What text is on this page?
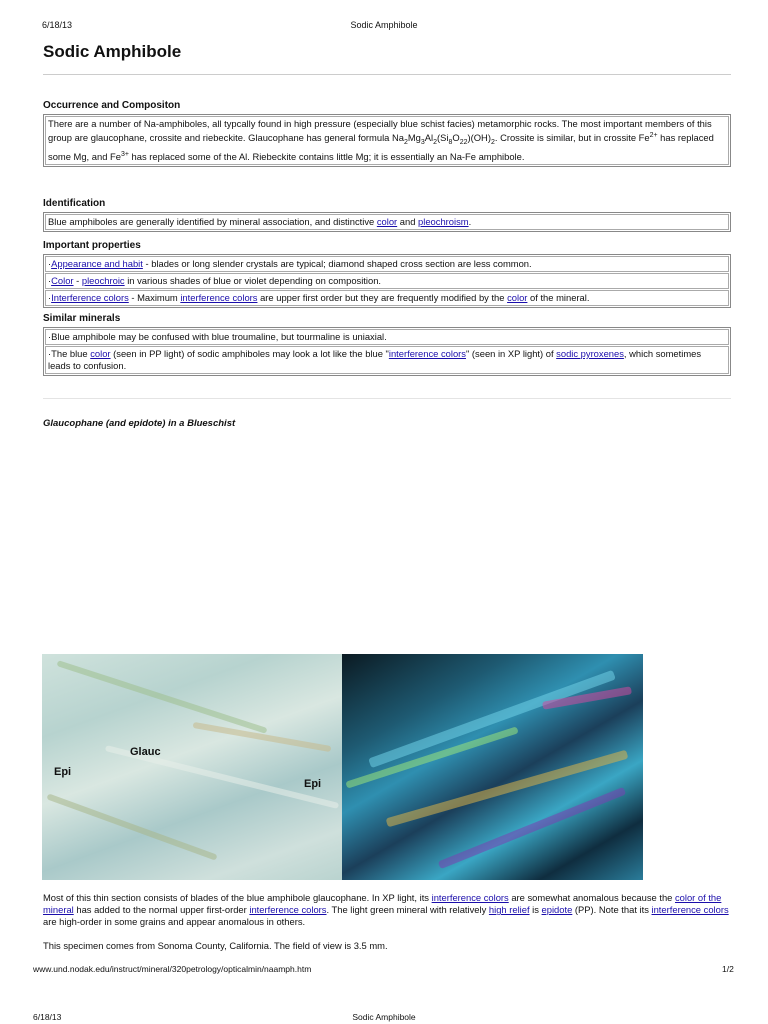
6/18/13	Sodic Amphibole
Sodic Amphibole
Occurrence and Compositon

There are a number of Na-amphiboles, all typcally found in high pressure (especially blue schist facies) metamorphic rocks. The most important members of this group are glaucophane, crossite and riebeckite. Glaucophane has general formula $Na_2Mg_3Al_2(Si_8O_{22})(OH)_2$. Crossite is similar, but in crossite $Fe^{2+}$ has replaced some Mg, and $Fe^{3+}$ has replaced some of the Al. Riebeckite contains little Mg; it is essentially an Na-Fe amphibole.

Identification

Blue amphiboles are generally identified by mineral association, and distinctive color and pleochroism.

Important properties

·Appearance and habit - blades or long slender crystals are typical; diamond shaped cross section are less common.

·Color - pleochroic in various shades of blue or violet depending on composition.

·Interference colors - Maximum interference colors are upper first order but they are frequently modified by the color of the mineral.

Similar minerals

·Blue amphibole may be confused with blue troumaline, but tourmaline is uniaxial.

·The blue color (seen in PP light) of sodic amphiboles may look a lot like the blue "interference colors" (seen in XP light) of sodic pyroxenes, which sometimes leads to confusion.

Glaucophane (and epidote) in a Blueschist
Glauc
Epi
Epi

Most of this thin section consists of blades of the blue amphibole glaucophane. In XP light, its interference colors are somewhat anomalous because the color of the mineral has added to the normal upper first-order interference colors. The light green mineral with relatively high relief is epidote (PP). Note that its interference colors are high-order in some grains and appear anomalous in others.

This specimen comes from Sonoma County, California. The field of view is 3.5 mm.

www.und.nodak.edu/instruct/mineral/320petrology/opticalmin/naamph.htm	1/2
6/18/13	Sodic Amphibole
